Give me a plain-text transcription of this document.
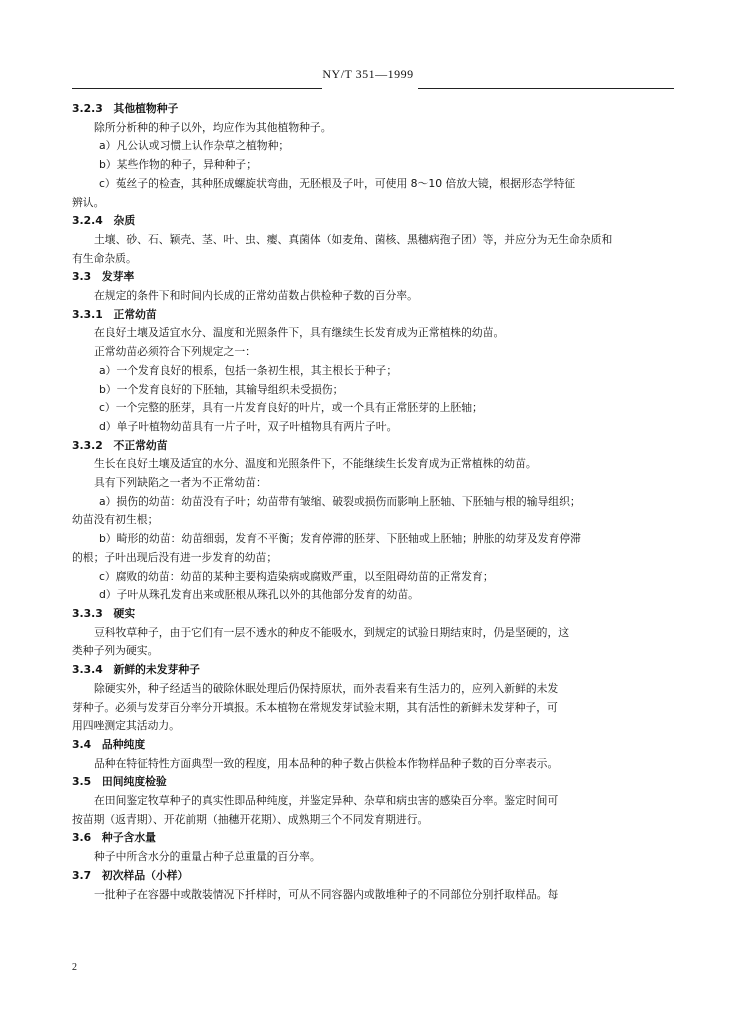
NY/T 351—1999

3.2.3　其他植物种子

除所分析种的种子以外，均应作为其他植物种子。

a）凡公认或习惯上认作杂草之植物种；

b）某些作物的种子，异种种子；

c）菟丝子的检查，其种胚成螺旋状弯曲，无胚根及子叶，可使用 8～10 倍放大镜，根据形态学特征

辨认。

3.2.4　杂质

土壤、砂、石、颖壳、茎、叶、虫、瘿、真菌体（如麦角、菌核、黑穗病孢子团）等，并应分为无生命杂质和

有生命杂质。

3.3　发芽率

在规定的条件下和时间内长成的正常幼苗数占供检种子数的百分率。

3.3.1　正常幼苗

在良好土壤及适宜水分、温度和光照条件下，具有继续生长发育成为正常植株的幼苗。

正常幼苗必须符合下列规定之一：

a）一个发育良好的根系，包括一条初生根，其主根长于种子；

b）一个发育良好的下胚轴，其输导组织未受损伤；

c）一个完整的胚芽，具有一片发育良好的叶片，或一个具有正常胚芽的上胚轴；

d）单子叶植物幼苗具有一片子叶，双子叶植物具有两片子叶。

3.3.2　不正常幼苗

生长在良好土壤及适宜的水分、温度和光照条件下，不能继续生长发育成为正常植株的幼苗。

具有下列缺陷之一者为不正常幼苗：

a）损伤的幼苗：幼苗没有子叶；幼苗带有皱缩、破裂或损伤而影响上胚轴、下胚轴与根的输导组织；

幼苗没有初生根；

b）畸形的幼苗：幼苗细弱，发育不平衡；发育停滞的胚芽、下胚轴或上胚轴；肿胀的幼芽及发育停滞

的根；子叶出现后没有进一步发育的幼苗；

c）腐败的幼苗：幼苗的某种主要构造染病或腐败严重，以至阻碍幼苗的正常发育；

d）子叶从珠孔发育出来或胚根从珠孔以外的其他部分发育的幼苗。

3.3.3　硬实

豆科牧草种子，由于它们有一层不透水的种皮不能吸水，到规定的试验日期结束时，仍是坚硬的，这

类种子列为硬实。

3.3.4　新鲜的未发芽种子

除硬实外，种子经适当的破除休眠处理后仍保持原状，而外表看来有生活力的，应列入新鲜的未发

芽种子。必须与发芽百分率分开填报。禾本植物在常规发芽试验末期，其有活性的新鲜未发芽种子，可

用四唑测定其活动力。

3.4　品种纯度

品种在特征特性方面典型一致的程度，用本品种的种子数占供检本作物样品种子数的百分率表示。

3.5　田间纯度检验

在田间鉴定牧草种子的真实性即品种纯度，并鉴定异种、杂草和病虫害的感染百分率。鉴定时间可

按苗期（返青期）、开花前期（抽穗开花期）、成熟期三个不同发育期进行。

3.6　种子含水量

种子中所含水分的重量占种子总重量的百分率。

3.7　初次样品（小样）

一批种子在容器中或散装情况下扦样时，可从不同容器内或散堆种子的不同部位分别扦取样品。每

2
